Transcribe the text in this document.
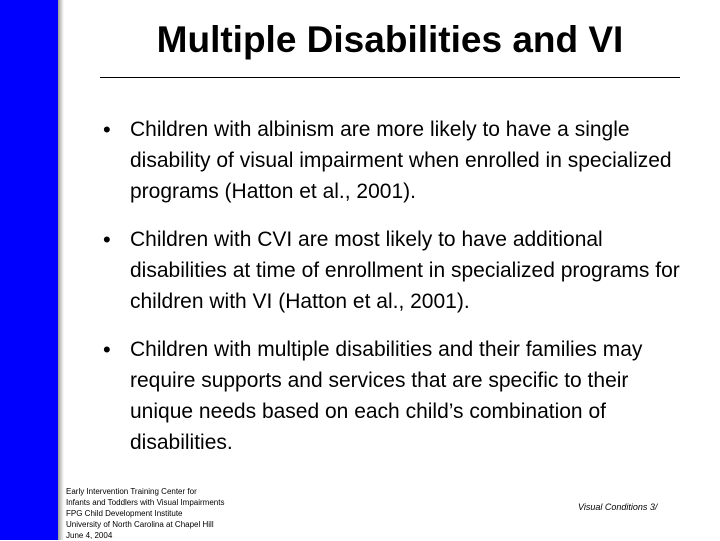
Multiple Disabilities and VI
• Children with albinism are more likely to have a single disability of visual impairment when enrolled in specialized programs (Hatton et al., 2001).
• Children with CVI are most likely to have additional disabilities at time of enrollment in specialized programs for children with VI (Hatton et al., 2001).
• Children with multiple disabilities and their families may require supports and services that are specific to their unique needs based on each child’s combination of disabilities.
Early Intervention Training Center for
Infants and Toddlers with Visual Impairments
FPG Child Development Institute
University of North Carolina at Chapel Hill
June 4, 2004
Visual Conditions 3/
